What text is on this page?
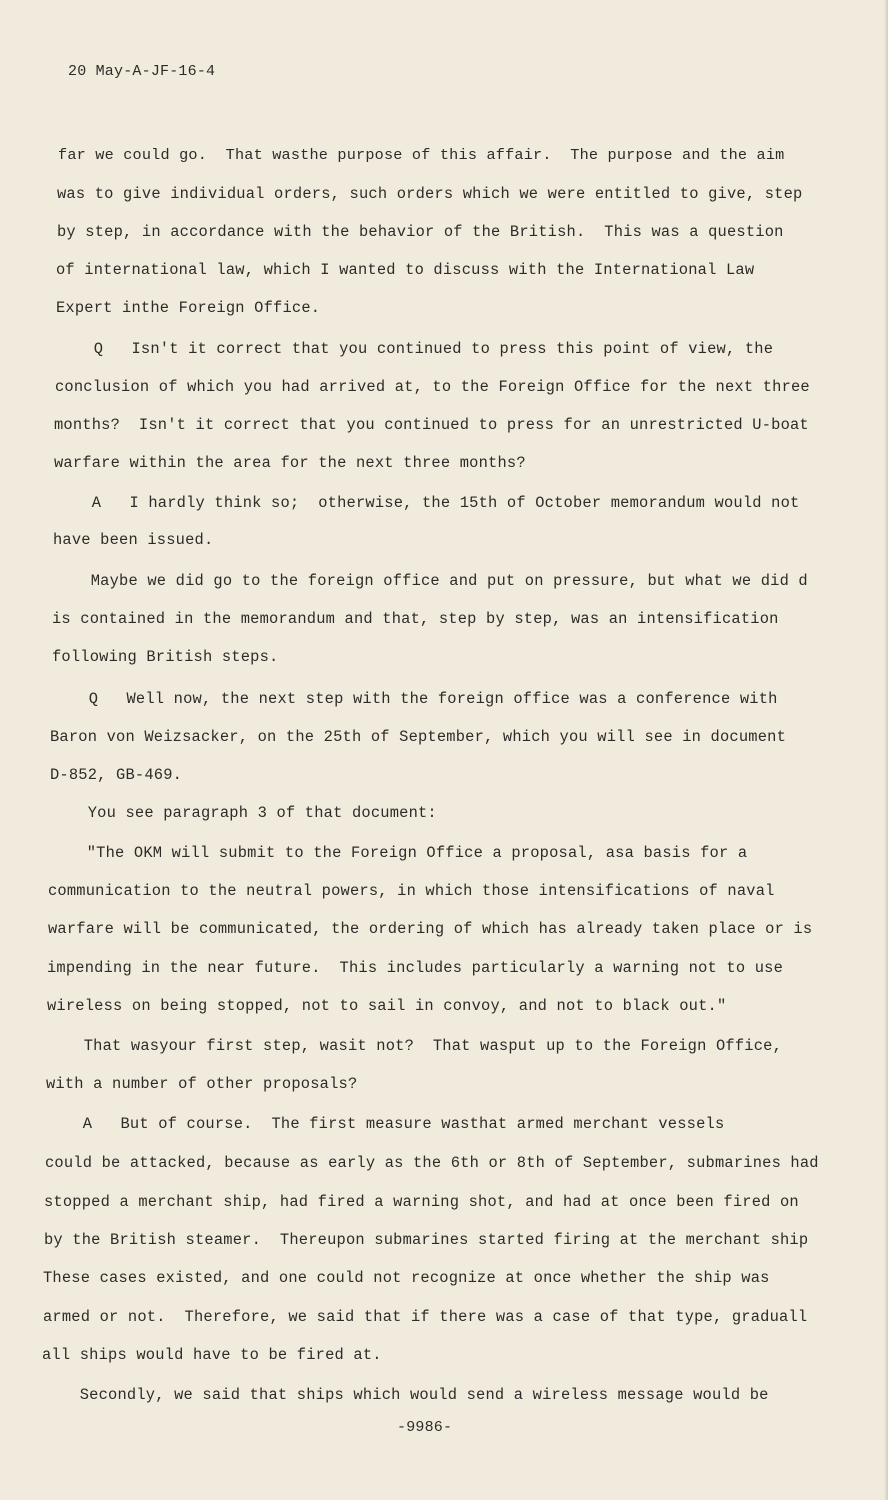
20 May-A-JF-16-4
far we could go.  That wasthe purpose of this affair.  The purpose and the aim
was to give individual orders, such orders which we were entitled to give, step
by step, in accordance with the behavior of the British.  This was a question
of international law, which I wanted to discuss with the International Law
Expert inthe Foreign Office.
Q   Isn't it correct that you continued to press this point of view, the
conclusion of which you had arrived at, to the Foreign Office for the next three
months?  Isn't it correct that you continued to press for an unrestricted U-boat
warfare within the area for the next three months?
A   I hardly think so;  otherwise, the 15th of October memorandum would not
have been issued.
Maybe we did go to the foreign office and put on pressure, but what we did d
is contained in the memorandum and that, step by step, was an intensification
following British steps.
Q   Well now, the next step with the foreign office was a conference with
Baron von Weizsacker, on the 25th of September, which you will see in document
D-852, GB-469.
You see paragraph 3 of that document:
"The OKM will submit to the Foreign Office a proposal, asa basis for a
communication to the neutral powers, in which those intensifications of naval
warfare will be communicated, the ordering of which has already taken place or is
impending in the near future.  This includes particularly a warning not to use
wireless on being stopped, not to sail in convoy, and not to black out."
That wasyour first step, wasit not?  That wasput up to the Foreign Office,
with a number of other proposals?
A   But of course.  The first measure wasthat armed merchant vessels
could be attacked, because as early as the 6th or 8th of September, submarines had
stopped a merchant ship, had fired a warning shot, and had at once been fired on
by the British steamer.  Thereupon submarines started firing at the merchant ship
These cases existed, and one could not recognize at once whether the ship was
armed or not.  Therefore, we said that if there was a case of that type, graduall
all ships would have to be fired at.
Secondly, we said that ships which would send a wireless message would be
-9986-
